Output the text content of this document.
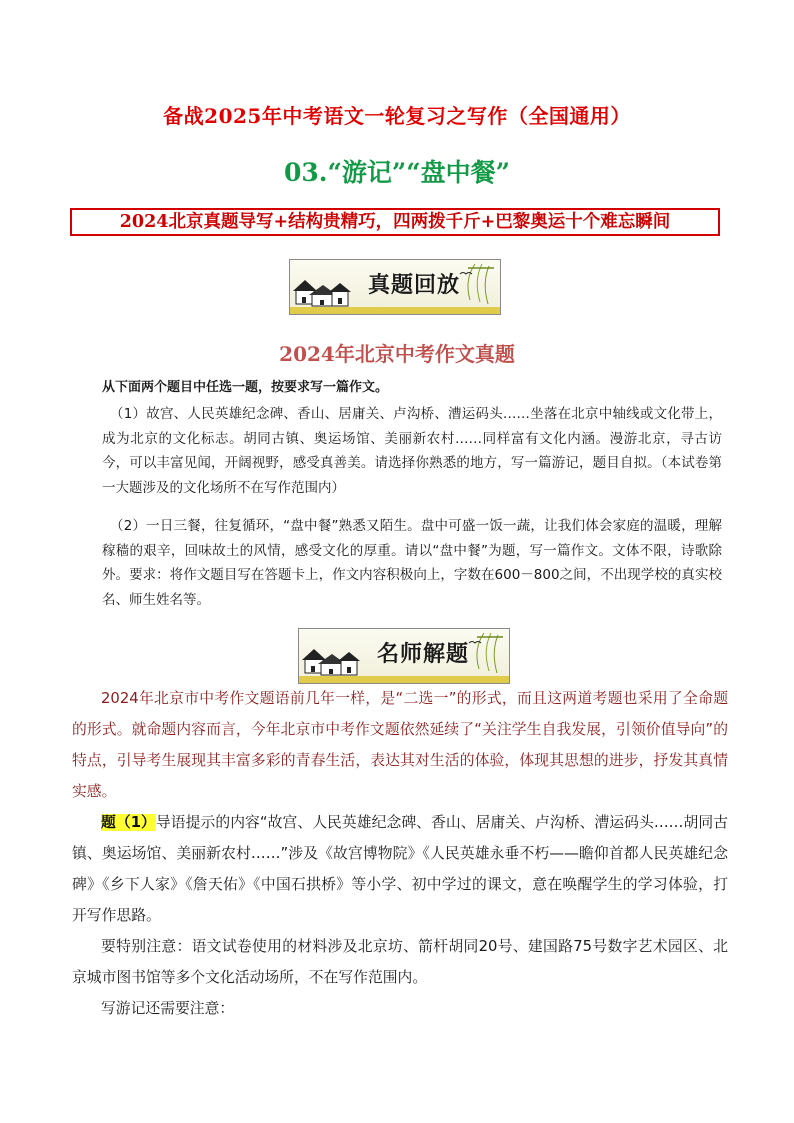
备战2025年中考语文一轮复习之写作（全国通用）
03.“游记”“盘中餐”
2024北京真题导写+结构贵精巧，四两拨千斤+巴黎奥运十个难忘瞬间
真题回放
2024年北京中考作文真题
从下面两个题目中任选一题，按要求写一篇作文。
（1）故宫、人民英雄纪念碑、香山、居庸关、卢沟桥、漕运码头……坐落在北京中轴线或文化带上，成为北京的文化标志。胡同古镇、奥运场馆、美丽新农村……同样富有文化内涵。漫游北京，寻古访今，可以丰富见闻，开阔视野，感受真善美。请选择你熟悉的地方，写一篇游记，题目自拟。（本试卷第一大题涉及的文化场所不在写作范围内）
（2）一日三餐，往复循环，“盘中餐”熟悉又陌生。盘中可盛一饭一蔬，让我们体会家庭的温暖，理解稼穑的艰辛，回味故土的风情，感受文化的厚重。请以“盘中餐”为题，写一篇作文。文体不限，诗歌除外。要求：将作文题目写在答题卡上，作文内容积极向上，字数在600－800之间，不出现学校的真实校名、师生姓名等。
名师解题
2024年北京市中考作文题语前几年一样，是“二选一”的形式，而且这两道考题也采用了全命题的形式。就命题内容而言，今年北京市中考作文题依然延续了“关注学生自我发展，引领价值导向”的特点，引导考生展现其丰富多彩的青春生活，表达其对生活的体验，体现其思想的进步，抒发其真情实感。
题（1）导语提示的内容“故宫、人民英雄纪念碑、香山、居庸关、卢沟桥、漕运码头……胡同古镇、奥运场馆、美丽新农村……”涉及《故宫博物院》《人民英雄永垂不朽——瞻仰首都人民英雄纪念碑》《乡下人家》《詹天佑》《中国石拱桥》等小学、初中学过的课文，意在唤醒学生的学习体验，打开写作思路。
要特别注意：语文试卷使用的材料涉及北京坊、箭杆胡同20号、建国路75号数字艺术园区、北京城市图书馆等多个文化活动场所，不在写作范围内。
写游记还需要注意：
